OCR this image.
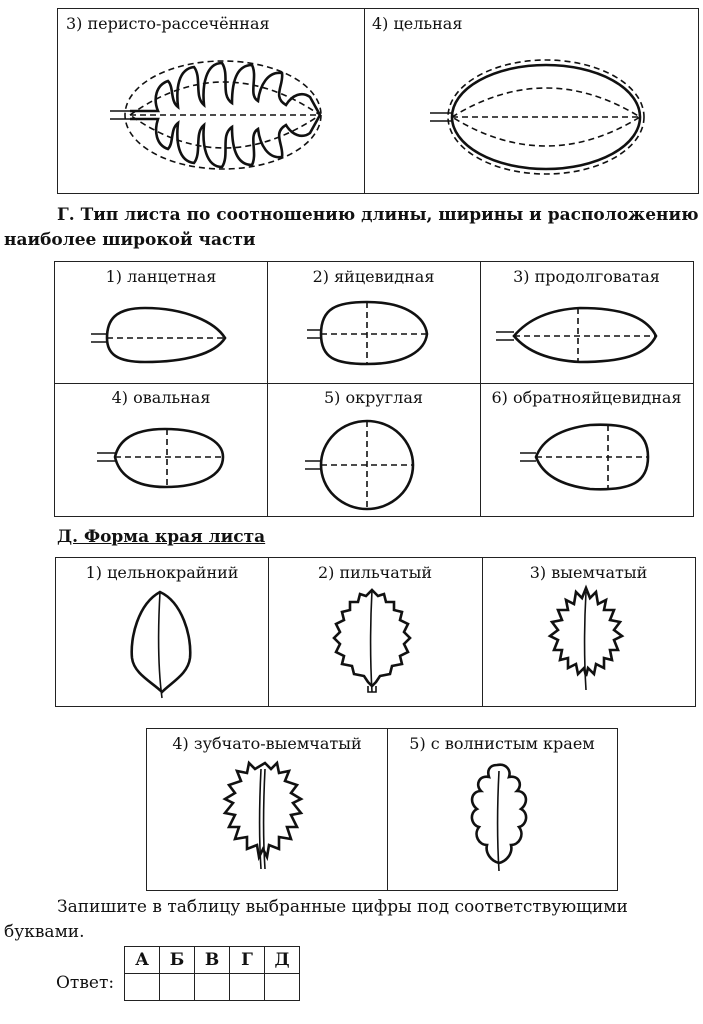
3) перисто-рассечённая	4) цельная
Г. Тип листа по соотношению длины, ширины и расположению
наиболее широкой части
1) ланцетная	2) яйцевидная	3) продолговатая
4) овальная	5) округлая	6) обратнояйцевидная
Д. Форма края листа
1) цельнокрайний	2) пильчатый	3) выемчатый
4) зубчато-выемчатый	5) с волнистым краем
Запишите в таблицу выбранные цифры под соответствующими
буквами.
Ответ:
А	Б	В	Г	Д
